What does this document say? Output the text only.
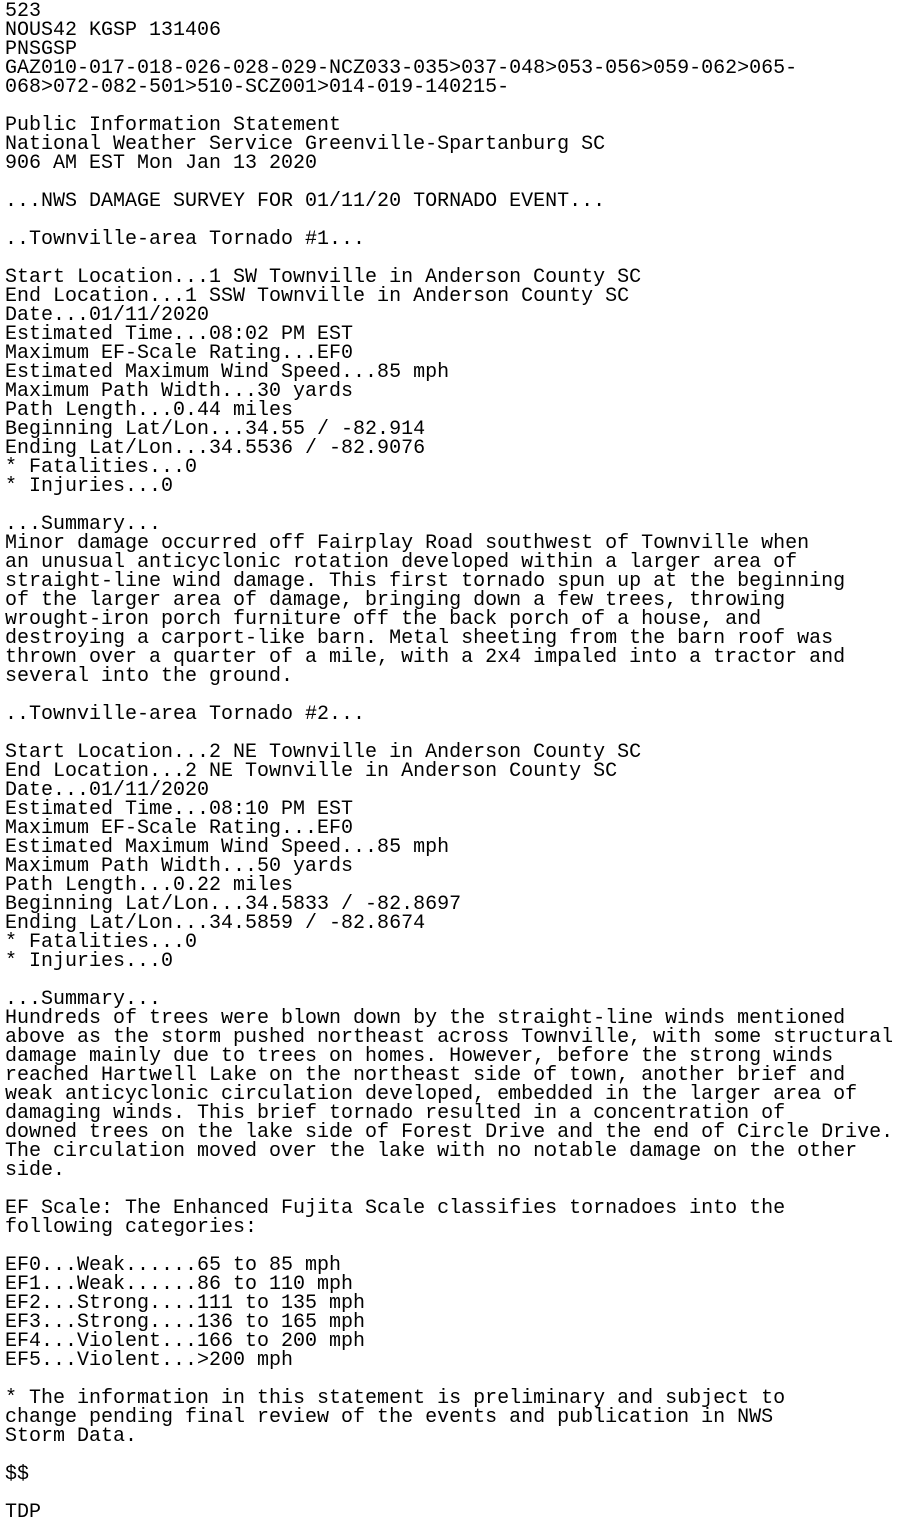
523
NOUS42 KGSP 131406
PNSGSP
GAZ010-017-018-026-028-029-NCZ033-035>037-048>053-056>059-062>065-
068>072-082-501>510-SCZ001>014-019-140215-
Public Information Statement
National Weather Service Greenville-Spartanburg SC
906 AM EST Mon Jan 13 2020
...NWS DAMAGE SURVEY FOR 01/11/20 TORNADO EVENT...
..Townville-area Tornado #1...
Start Location...1 SW Townville in Anderson County SC
End Location...1 SSW Townville in Anderson County SC
Date...01/11/2020
Estimated Time...08:02 PM EST
Maximum EF-Scale Rating...EF0
Estimated Maximum Wind Speed...85 mph
Maximum Path Width...30 yards
Path Length...0.44 miles
Beginning Lat/Lon...34.55 / -82.914
Ending Lat/Lon...34.5536 / -82.9076
* Fatalities...0
* Injuries...0
...Summary...
Minor damage occurred off Fairplay Road southwest of Townville when
an unusual anticyclonic rotation developed within a larger area of
straight-line wind damage. This first tornado spun up at the beginning
of the larger area of damage, bringing down a few trees, throwing
wrought-iron porch furniture off the back porch of a house, and
destroying a carport-like barn. Metal sheeting from the barn roof was
thrown over a quarter of a mile, with a 2x4 impaled into a tractor and
several into the ground.
..Townville-area Tornado #2...
Start Location...2 NE Townville in Anderson County SC
End Location...2 NE Townville in Anderson County SC
Date...01/11/2020
Estimated Time...08:10 PM EST
Maximum EF-Scale Rating...EF0
Estimated Maximum Wind Speed...85 mph
Maximum Path Width...50 yards
Path Length...0.22 miles
Beginning Lat/Lon...34.5833 / -82.8697
Ending Lat/Lon...34.5859 / -82.8674
* Fatalities...0
* Injuries...0
...Summary...
Hundreds of trees were blown down by the straight-line winds mentioned
above as the storm pushed northeast across Townville, with some structural
damage mainly due to trees on homes. However, before the strong winds
reached Hartwell Lake on the northeast side of town, another brief and
weak anticyclonic circulation developed, embedded in the larger area of
damaging winds. This brief tornado resulted in a concentration of
downed trees on the lake side of Forest Drive and the end of Circle Drive.
The circulation moved over the lake with no notable damage on the other
side.
EF Scale: The Enhanced Fujita Scale classifies tornadoes into the
following categories:
EF0...Weak......65 to 85 mph
EF1...Weak......86 to 110 mph
EF2...Strong....111 to 135 mph
EF3...Strong....136 to 165 mph
EF4...Violent...166 to 200 mph
EF5...Violent...>200 mph
* The information in this statement is preliminary and subject to
change pending final review of the events and publication in NWS
Storm Data.
$$
TDP
